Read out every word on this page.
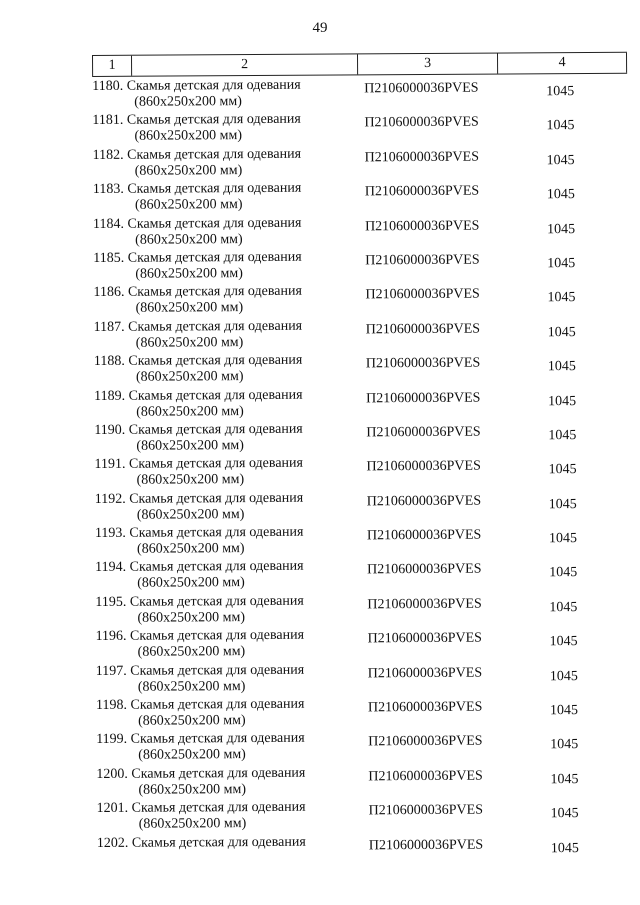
49
1	2	3	4
1180. Скамья детская для одевания
(860x250x200 мм)
П2106000036PVES	1045
1181. Скамья детская для одевания
(860x250x200 мм)
П2106000036PVES	1045
1182. Скамья детская для одевания
(860x250x200 мм)
П2106000036PVES	1045
1183. Скамья детская для одевания
(860x250x200 мм)
П2106000036PVES	1045
1184. Скамья детская для одевания
(860x250x200 мм)
П2106000036PVES	1045
1185. Скамья детская для одевания
(860x250x200 мм)
П2106000036PVES	1045
1186. Скамья детская для одевания
(860x250x200 мм)
П2106000036PVES	1045
1187. Скамья детская для одевания
(860x250x200 мм)
П2106000036PVES	1045
1188. Скамья детская для одевания
(860x250x200 мм)
П2106000036PVES	1045
1189. Скамья детская для одевания
(860x250x200 мм)
П2106000036PVES	1045
1190. Скамья детская для одевания
(860x250x200 мм)
П2106000036PVES	1045
1191. Скамья детская для одевания
(860x250x200 мм)
П2106000036PVES	1045
1192. Скамья детская для одевания
(860x250x200 мм)
П2106000036PVES	1045
1193. Скамья детская для одевания
(860x250x200 мм)
П2106000036PVES	1045
1194. Скамья детская для одевания
(860x250x200 мм)
П2106000036PVES	1045
1195. Скамья детская для одевания
(860x250x200 мм)
П2106000036PVES	1045
1196. Скамья детская для одевания
(860x250x200 мм)
П2106000036PVES	1045
1197. Скамья детская для одевания
(860x250x200 мм)
П2106000036PVES	1045
1198. Скамья детская для одевания
(860x250x200 мм)
П2106000036PVES	1045
1199. Скамья детская для одевания
(860x250x200 мм)
П2106000036PVES	1045
1200. Скамья детская для одевания
(860x250x200 мм)
П2106000036PVES	1045
1201. Скамья детская для одевания
(860x250x200 мм)
П2106000036PVES	1045
1202. Скамья детская для одевания	П2106000036PVES	1045
